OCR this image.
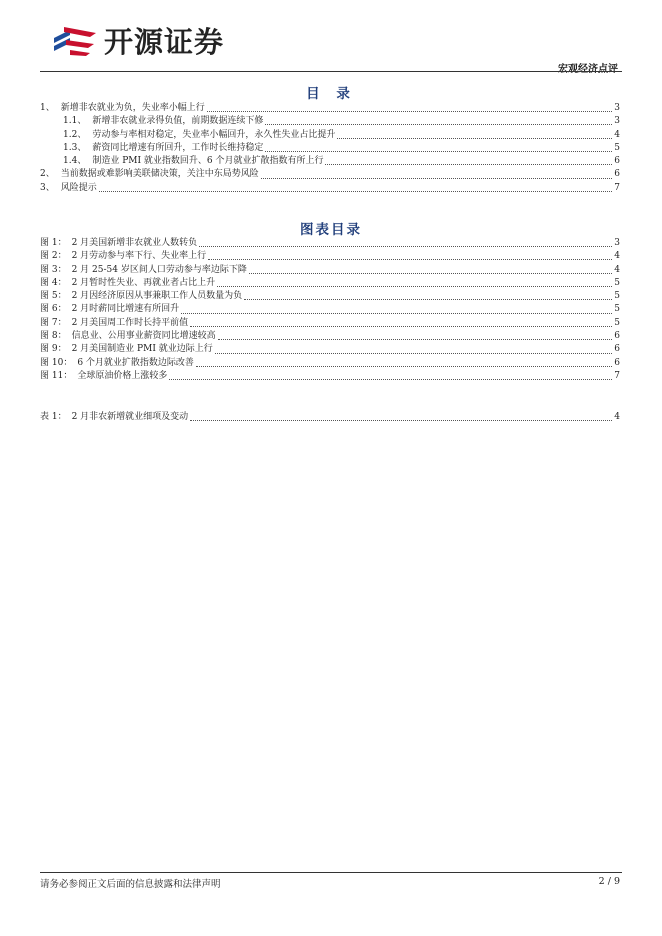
开源证券
宏观经济点评
目 录
1、 新增非农就业为负，失业率小幅上行	3
1.1、 新增非农就业录得负值，前期数据连续下修	3
1.2、 劳动参与率相对稳定，失业率小幅回升，永久性失业占比提升	4
1.3、 薪资同比增速有所回升，工作时长维持稳定	5
1.4、 制造业 PMI 就业指数回升、6 个月就业扩散指数有所上行	6
2、 当前数据或难影响美联储决策，关注中东局势风险	6
3、 风险提示	7
图表目录
图 1： 2 月美国新增非农就业人数转负	3
图 2： 2 月劳动参与率下行、失业率上行	4
图 3： 2 月 25-54 岁区间人口劳动参与率边际下降	4
图 4： 2 月暂时性失业、再就业者占比上升	5
图 5： 2 月因经济原因从事兼职工作人员数量为负	5
图 6： 2 月时薪同比增速有所回升	5
图 7： 2 月美国周工作时长持平前值	5
图 8： 信息业、公用事业薪资同比增速较高	6
图 9： 2 月美国制造业 PMI 就业边际上行	6
图 10： 6 个月就业扩散指数边际改善	6
图 11： 全球原油价格上涨较多	7
表 1： 2 月非农新增就业细项及变动	4
请务必参阅正文后面的信息披露和法律声明	2 / 9
